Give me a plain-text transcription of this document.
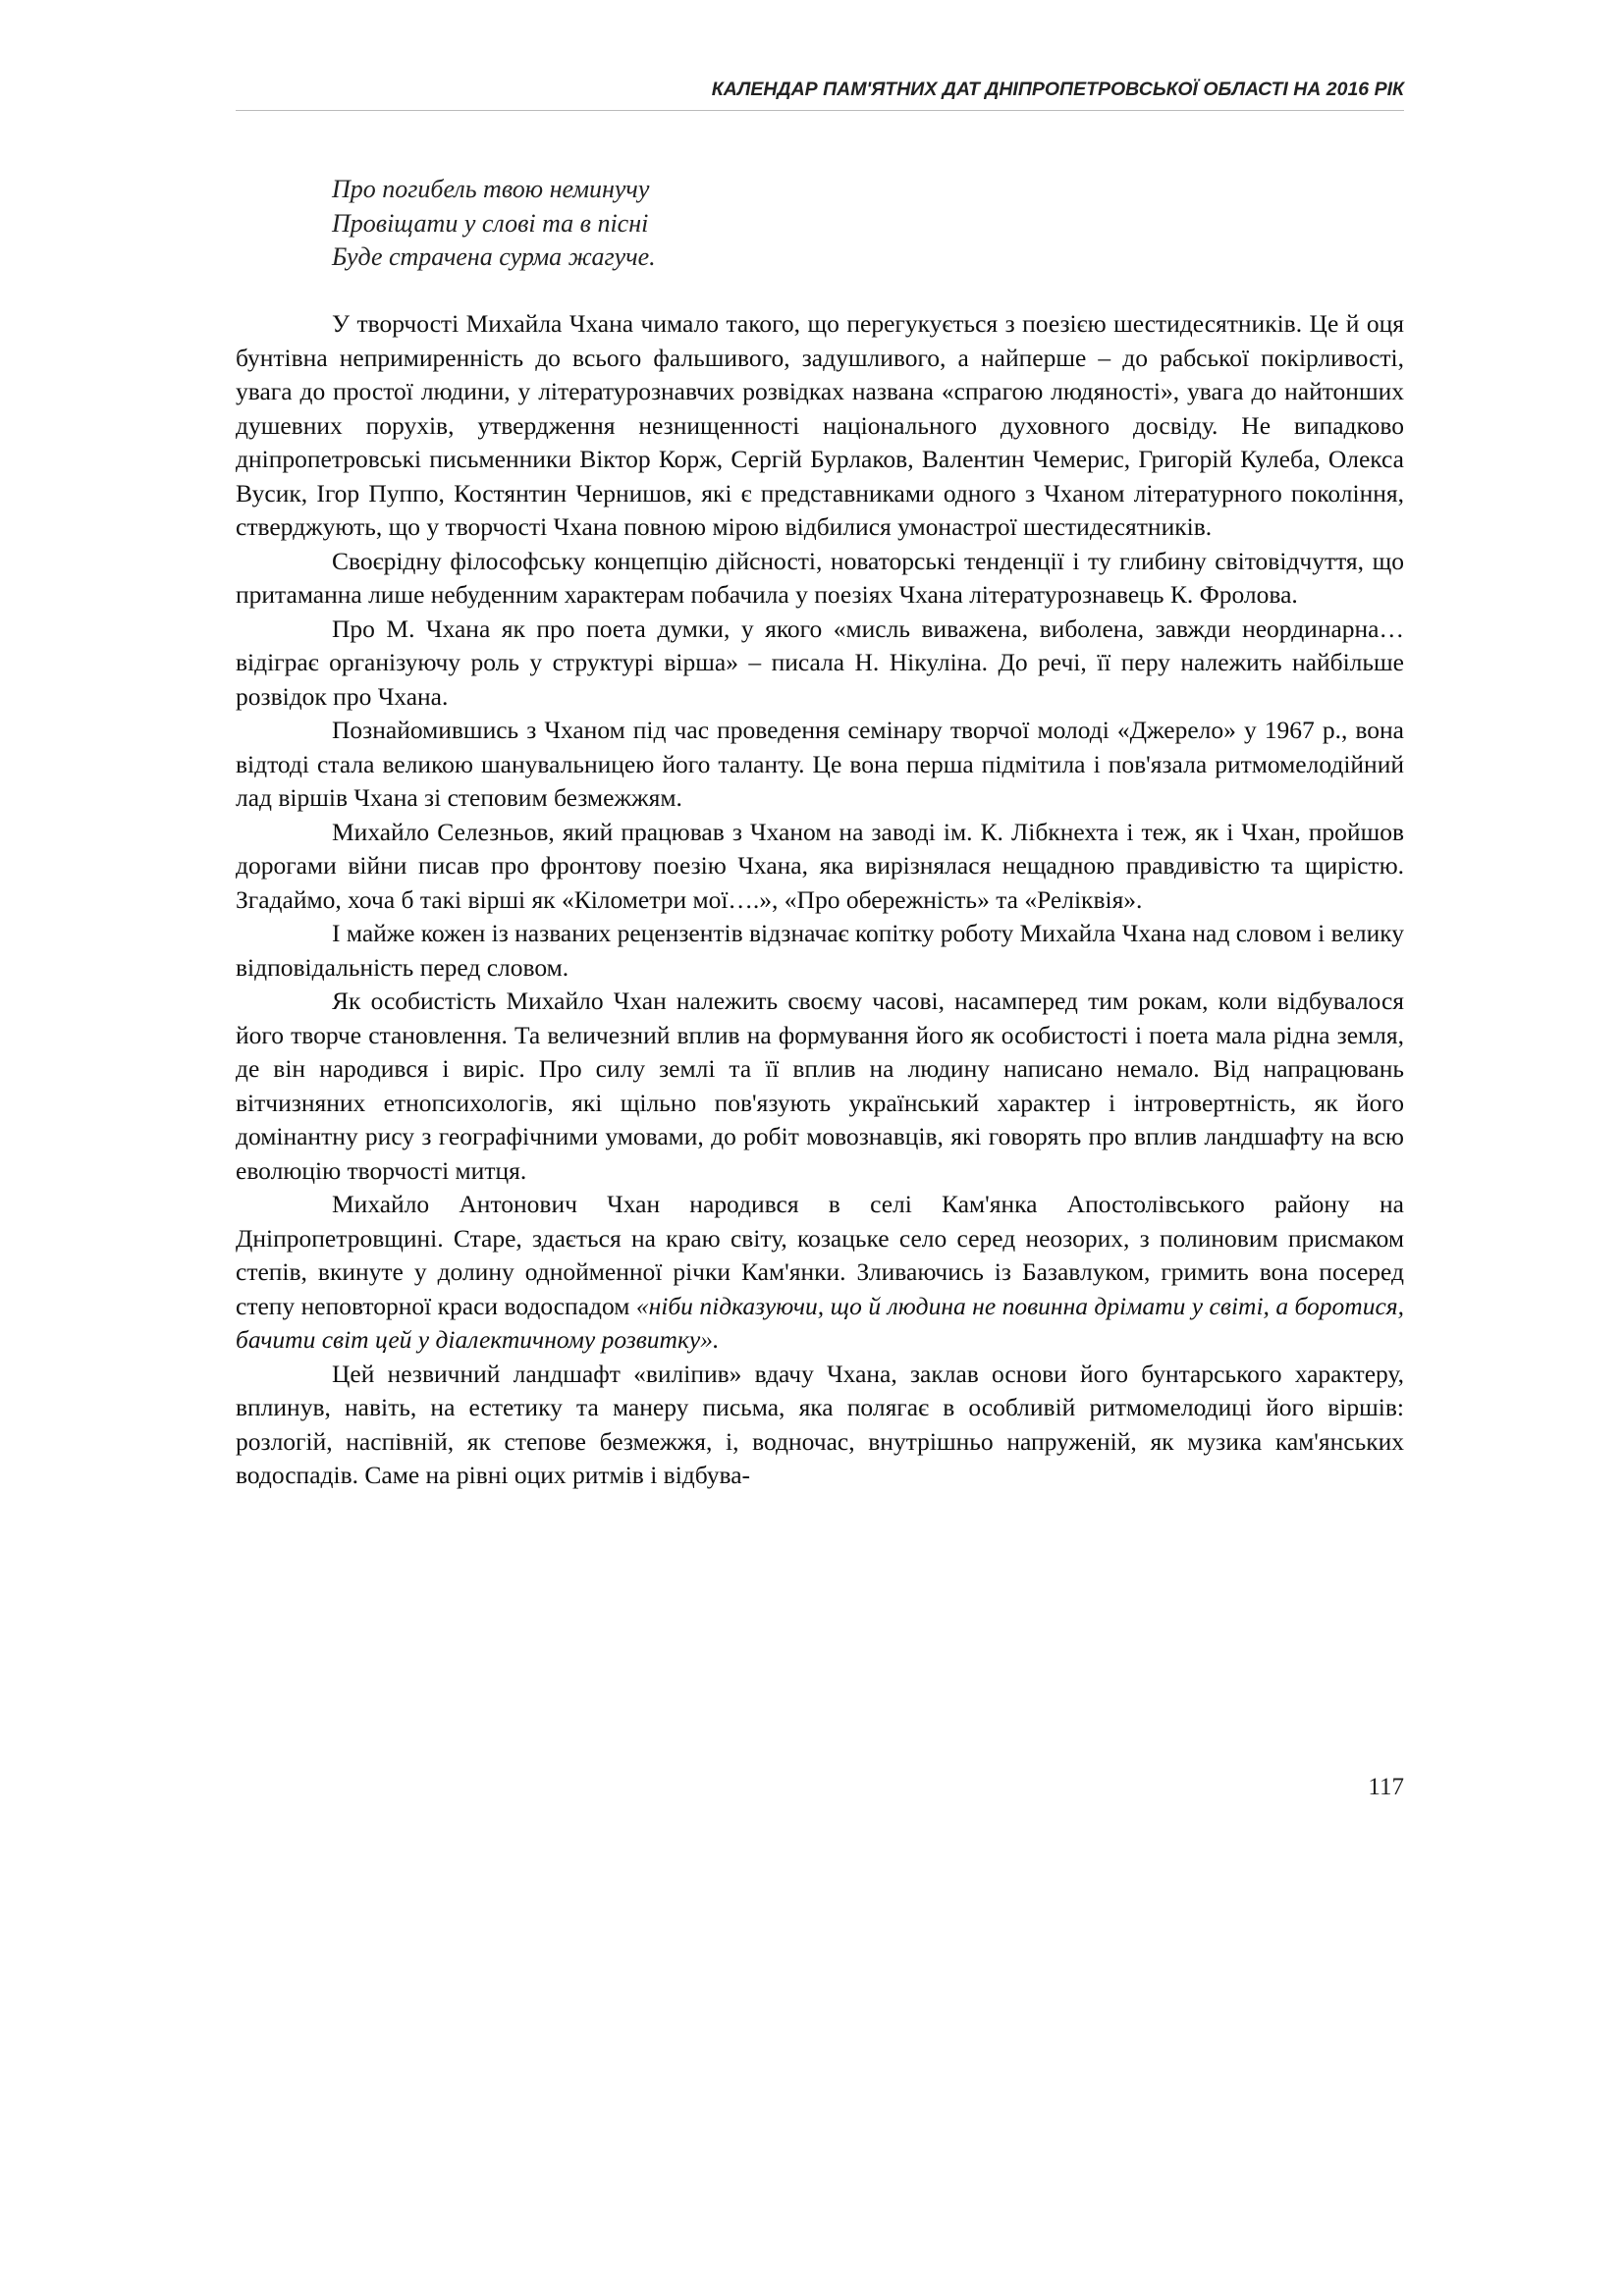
КАЛЕНДАР ПАМ'ЯТНИХ ДАТ ДНІПРОПЕТРОВСЬКОЇ ОБЛАСТІ НА 2016 РІК
Про погибель твою неминучу
Провіщати у слові та в пісні
Буде страчена сурма жагуче.

У творчості Михайла Чхана чимало такого, що перегукується з поезією шестидесятників. Це й оця бунтівна непримиренність до всього фальшивого, задушливого, а найперше – до рабської покірливості, увага до простої людини, у літературознавчих розвідках названа «спрагою людяності», увага до найтонших душевних порухів, утвердження незнищенності національного духовного досвіду. Не випадково дніпропетровські письменники Віктор Корж, Сергій Бурлаков, Валентин Чемерис, Григорій Кулеба, Олекса Вусик, Ігор Пуппо, Костянтин Чернишов, які є представниками одного з Чханом літературного покоління, стверджують, що у творчості Чхана повною мірою відбилися умонастрої шестидесятників.

Своєрідну філософську концепцію дійсності, новаторські тенденції і ту глибину світовідчуття, що притаманна лише небуденним характерам побачила у поезіях Чхана літературознавець К. Фролова.

Про М. Чхана як про поета думки, у якого «мисль виважена, виболена, завжди неординарна… відіграє організуючу роль у структурі вірша» – писала Н. Нікуліна. До речі, її перу належить найбільше розвідок про Чхана.

Познайомившись з Чханом під час проведення семінару творчої молоді «Джерело» у 1967 р., вона відтоді стала великою шанувальницею його таланту. Це вона перша підмітила і пов'язала ритмомелодійний лад віршів Чхана зі степовим безмежжям.

Михайло Селезньов, який працював з Чханом на заводі ім. К. Лібкнехта і теж, як і Чхан, пройшов дорогами війни писав про фронтову поезію Чхана, яка вирізнялася нещадною правдивістю та щирістю. Згадаймо, хоча б такі вірші як «Кілометри мої….», «Про обережність» та «Реліквія».

І майже кожен із названих рецензентів відзначає копітку роботу Михайла Чхана над словом і велику відповідальність перед словом.

Як особистість Михайло Чхан належить своєму часові, насамперед тим рокам, коли відбувалося його творче становлення. Та величезний вплив на формування його як особистості і поета мала рідна земля, де він народився і виріс. Про силу землі та її вплив на людину написано немало. Від напрацювань вітчизняних етнопсихологів, які щільно пов'язують український характер і інтровертність, як його домінантну рису з географічними умовами, до робіт мовознавців, які говорять про вплив ландшафту на всю еволюцію творчості митця.

Михайло Антонович Чхан народився в селі Кам'янка Апостолівського району на Дніпропетровщині. Старе, здається на краю світу, козацьке село серед неозорих, з полиновим присмаком степів, вкинуте у долину однойменної річки Кам'янки. Зливаючись із Базавлуком, гримить вона посеред степу неповторної краси водоспадом «ніби підказуючи, що й людина не повинна дрімати у світі, а боротися, бачити світ цей у діалектичному розвитку».

Цей незвичний ландшафт «виліпив» вдачу Чхана, заклав основи його бунтарського характеру, вплинув, навіть, на естетику та манеру письма, яка полягає в особливій ритмомелодиці його віршів: розлогій, наспівній, як степове безмежжя, і, водночас, внутрішньо напруженій, як музика кам'янських водоспадів. Саме на рівні оцих ритмів і відбува-

117
